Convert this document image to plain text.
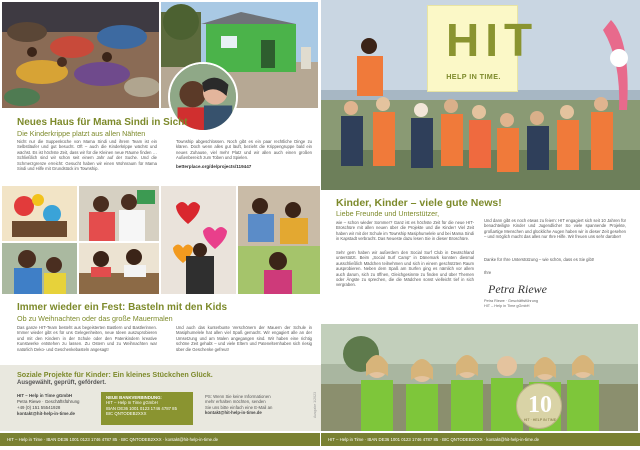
Neues Haus für Mama Sindi in Sicht
Die Kinderkrippe platzt aus allen Nähten
Nicht nur die Suppenküche von Mama Sindi und ihrem Team ist ein Selbstläufer und gut besucht. Oft – auch die Kinderkrippe wächst und wächst. Es ist höchste Zeit, dass wir für die Kleinen neue Räume finden … Schließlich sind wir schon seit einem Jahr auf der Suche. Und die Schmerzgrenze erreicht: Gesucht haben wir einen Wohnraum für Mama Sindi und Hilfe mit Grundstück im Township.
Township abgeschlossen. Noch gibt es ein paar rechtliche Dinge zu klären. Doch wenn alles gut läuft, bezieht die Krippengruppe bald ein neues Zuhause, viel mehr Platz und wir allen auch einen großen Außenbereich zum Toben und Spielen.
betterplace.org/de/projects/119447
Immer wieder ein Fest: Basteln mit den Kids
Ob zu Weihnachten oder das große Mauermalen
Das ganze HIT-Team besteht aus begeisterten Bastlern und Bastlerinnen. Immer wieder gibt es für uns Gelegenheiten, neue Ideen auszuprobieren und mit den Kindern in der Schule oder den Patenkindern kreative Kunstwerke entstehen zu lassen. Zu Ostern und zu Weihnachten war natürlich Deko- und Geschenkebasteln angesagt!
Und auch das kunterbunte Verschönern der Mauern der Schule in Masiphumelele hat allen viel Spaß gemacht. Wir engagiert alle an der Umsetzung und am Malen angegangen sind. Wir haben eine richtig schöne Zeit gehabt – und viele Eltern und Patenelternhaben sich riesig über die Geschenke gefreut!
Soziale Projekte für Kinder: Ein kleines Stückchen Glück.
Ausgewählt, geprüft, gefördert.
HIT – Help in Time gGmbH
Petra Riewe · Geschäftsführung
+49 (0) 151 55541928
kontakt@hit-help-in-time.de
NEUE BANKVERBINDUNG:
HIT – Help In Time gGmbH
IBAN DE36 1001 0123 1746 4787 85
BIC QNTODEB2XXX
PS: Wenn Sie keine Informationen
mehr erhalten möchten, senden
Sie uns bitte einfach eine E-Mail an
kontakt@hit-help-in-time.de	Ausgabe 1/2023
HIT – Help in Time · IBAN DE36 1001 0123 1746 4787 85 · BIC QNTODEB2XXX · kontakt@hit-help-in-time.de
HIT
HELP IN TIME.
Kinder, Kinder – viele gute News!
Liebe Freunde und Unterstützer,
wie – schon wieder Sommer? Ganz ist es höchste Zeit für die neue HIT-Broschüre mit allen neuen über die Projekte und die Kinder! Viel Zeit haben wir mit der Schule im Township Masiphumelele und bei Mama Sindi in Kapstadt verbracht. Das Neueste dazu lesen Sie in dieser Broschüre.
Sehr gern haben wir außerdem den Social Surf Club in Deutschland unterstützt. Beim „Social Surf Camp“ in Dänemark konnten diesmal ausschließlich Mädchen teilnehmen und sich in einem geschützten Raum ausprobieren. Neben dem Spaß am Surfen ging es nämlich vor allem auch darum, sich zu öffnen, Gleichgesinnte zu finden und über Themen oder Ängste zu sprechen, die die Mädchen sonst vielleicht tief in sich vergraben.
Und dann gibt es noch etwas zu feiern: HIT engagiert sich seit 10 Jahren für benachteiligte Kinder und Jugendliche! So viele spannende Projekte, großartige Menschen und glückliche Augen haben wir in dieser Zeit gesehen – und möglich macht das alles nur Ihre Hilfe. Wir freuen uns sehr darüber!
Danke für Ihre Unterstützung – wie schön, dass es Sie gibt!
Ihre
Petra Riewe
Petra Riewe · Geschäftsführung
HIT – Help in Time gGmbH
10
HIT · HELP IN TIME
HIT – Help in Time · IBAN DE36 1001 0123 1746 4787 85 · BIC QNTODEB2XXX · kontakt@hit-help-in-time.de
